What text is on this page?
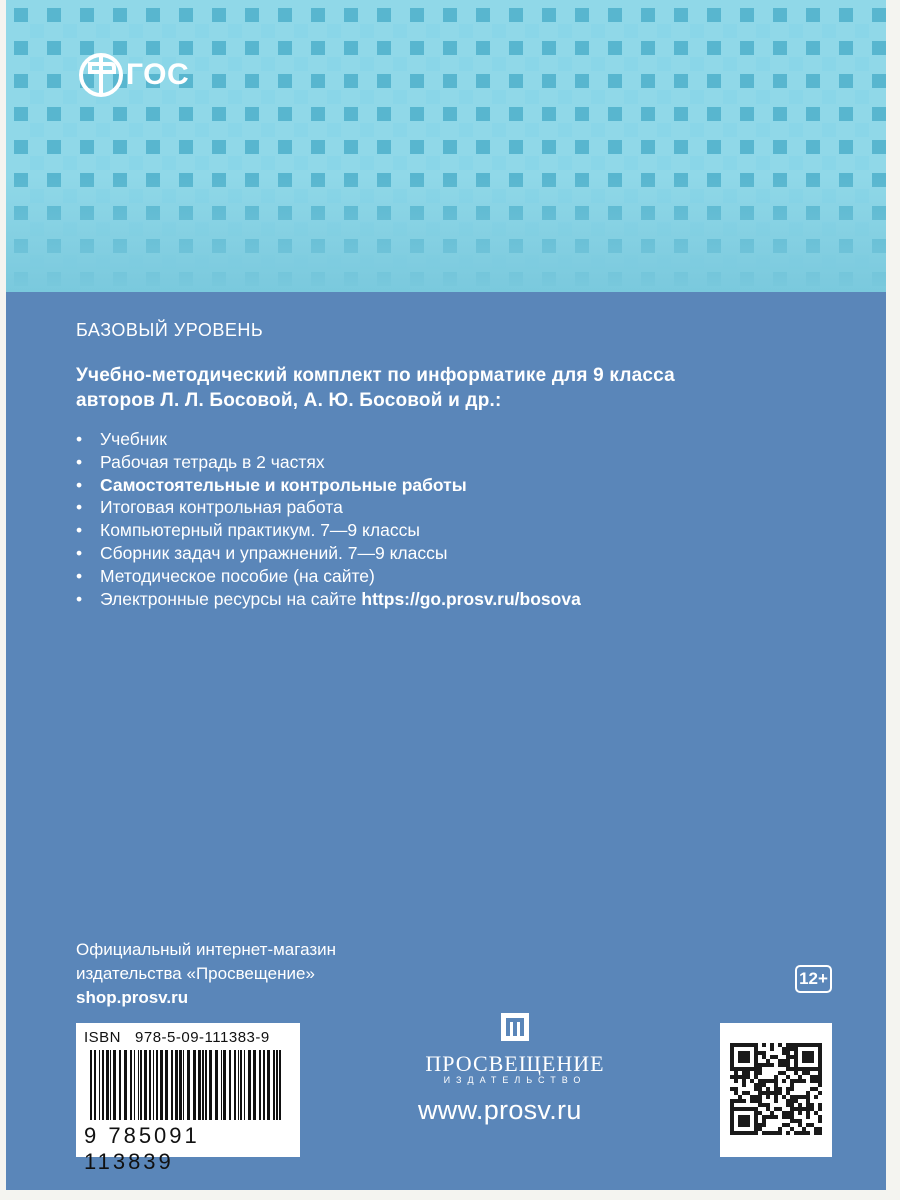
ГОС
БАЗОВЫЙ УРОВЕНЬ
Учебно-методический комплект по информатике для 9 класса
авторов Л. Л. Босовой, А. Ю. Босовой и др.:
•	Учебник
•	Рабочая тетрадь в 2 частях
•	Самостоятельные и контрольные работы
•	Итоговая контрольная работа
•	Компьютерный практикум. 7—9 классы
•	Сборник задач и упражнений. 7—9 классы
•	Методическое пособие (на сайте)
•	Электронные ресурсы на сайте https://go.prosv.ru/bosova
Официальный интернет-магазин
издательства «Просвещение»
shop.prosv.ru
12+
ISBN 978-5-09-111383-9
9 785091 113839
ПРОСВЕЩЕНИЕ
ИЗДАТЕЛЬСТВО
www.prosv.ru
